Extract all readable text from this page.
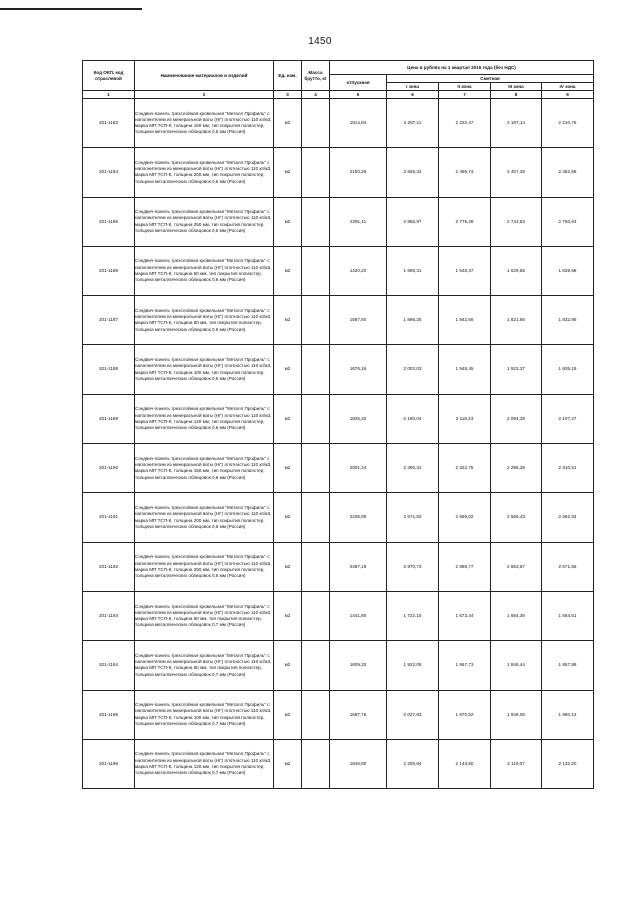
1450
Код ОКП, код отраслевой	Наименование материалов и изделий	Ед. изм.	Масса брутто, кг	Цена в рублях на 1 квартал 2016 года (без НДС)				
				отпускная	Сметная			
					I зона	II зона	III зона	IV зона
1	2	3	4	5	6	7	8	9
201-1183	Сэндвич-панель трехслойная кровельная "Металл Профиль" с наполнителем из минеральной ваты (НГ) плотностью 110 кг/м3, марка МП ТСП-К, толщина 150 мм, тип покрытия полиэстер, толщина металлических облицовок 0,5 мм (Россия)	м2		1914,84	2 287,11	2 222,47	2 187,14	2 210,76
201-1184	Сэндвич-панель трехслойная кровельная "Металл Профиль" с наполнителем из минеральной ваты (НГ) плотностью 110 кг/м3, марка МП ТСП-К, толщина 200 мм, тип покрытия полиэстер, толщина металлических облицовок 0,5 мм (Россия)	м2		2150,26	2 565,32	2 495,74	2 457,29	2 482,58
201-1185	Сэндвич-панель трехслойная кровельная "Металл Профиль" с наполнителем из минеральной ваты (НГ) плотностью 110 кг/м3, марка МП ТСП-К, толщина 250 мм, тип покрытия полиэстер, толщина металлических облицовок 0,5 мм (Россия)	м2		2391,11	2 855,97	2 775,28	2 743,63	2 760,63
201-1186	Сэндвич-панель трехслойная кровельная "Металл Профиль" с наполнителем из минеральной ваты (НГ) плотностью 110 кг/м3, марка МП ТСП-К, толщина 50 мм, тип покрытия полиэстер, толщина металлических облицовок 0,6 мм (Россия)	м2		1420,20	1 696,31	1 648,37	1 629,58	1 639,68
201-1187	Сэндвич-панель трехслойная кровельная "Металл Профиль" с наполнителем из минеральной ваты (НГ) плотностью 110 кг/м3, марка МП ТСП-К, толщина 80 мм, тип покрытия полиэстер, толщина металлических облицовок 0,6 мм (Россия)	м2		1587,60	1 896,25	1 842,66	1 821,66	1 832,95
201-1188	Сэндвич-панель трехслойная кровельная "Металл Профиль" с наполнителем из минеральной ваты (НГ) плотностью 110 кг/м3, марка МП ТСП-К, толщина 100 мм, тип покрытия полиэстер, толщина металлических облицовок 0,6 мм (Россия)	м2		1676,16	2 002,03	1 945,45	1 923,27	1 935,19
201-1189	Сэндвич-панель трехслойная кровельная "Металл Профиль" с наполнителем из минеральной ваты (НГ) плотностью 110 кг/м3, марка МП ТСП-К, толщина 120 мм, тип покрытия полиэстер, толщина металлических облицовок 0,6 мм (Россия)	м2		1825,20	2 180,04	2 118,43	2 094,28	2 107,27
201-1190	Сэндвич-панель трехслойная кровельная "Металл Профиль" с наполнителем из минеральной ваты (НГ) плотностью 110 кг/м3, марка МП ТСП-К, толщина 150 мм, тип покрытия полиэстер, толщина металлических облицовок 0,6 мм (Россия)	м2		2001,24	2 390,31	2 322,75	2 296,28	2 310,51
201-1191	Сэндвич-панель трехслойная кровельная "Металл Профиль" с наполнителем из минеральной ваты (НГ) плотностью 110 кг/м3, марка МП ТСП-К, толщина 200 мм, тип покрытия полиэстер, толщина металлических облицовок 0,6 мм (Россия)	м2		2236,88	2 671,52	2 596,02	2 566,43	2 582,34
201-1192	Сэндвич-панель трехслойная кровельная "Металл Профиль" с наполнителем из минеральной ваты (НГ) плотностью 110 кг/м3, марка МП ТСП-К, толщина 250 мм, тип покрытия полиэстер, толщина металлических облицовок 0,6 мм (Россия)	м2		2487,19	2 970,73	2 886,77	2 853,87	2 871,56
201-1193	Сэндвич-панель трехслойная кровельная "Металл Профиль" с наполнителем из минеральной ваты (НГ) плотностью 110 кг/м3, марка МП ТСП-К, толщина 50 мм, тип покрытия полиэстер, толщина металлических облицовок 0,7 мм (Россия)	м2		1441,80	1 722,10	1 673,44	1 654,36	1 664,61
201-1194	Сэндвич-панель трехслойная кровельная "Металл Профиль" с наполнителем из минеральной ваты (НГ) плотностью 110 кг/м3, марка МП ТСП-К, толщина 80 мм, тип покрытия полиэстер, толщина металлических облицовок 0,7 мм (Россия)	м2		1609,20	1 922,05	1 867,73	1 846,44	1 857,88
201-1195	Сэндвич-панель трехслойная кровельная "Металл Профиль" с наполнителем из минеральной ваты (НГ) плотностью 110 кг/м3, марка МП ТСП-К, толщина 100 мм, тип покрытия полиэстер, толщина металлических облицовок 0,7 мм (Россия)	м2		1697,76	2 027,83	1 970,52	1 948,06	1 960,13
201-1196	Сэндвич-панель трехслойная кровельная "Металл Профиль" с наполнителем из минеральной ваты (НГ) плотностью 110 кг/м3, марка МП ТСП-К, толщина 120 мм, тип покрытия полиэстер, толщина металлических облицовок 0,7 мм (Россия)	м2		1846,80	2 205,84	2 143,50	2 119,07	2 132,20
